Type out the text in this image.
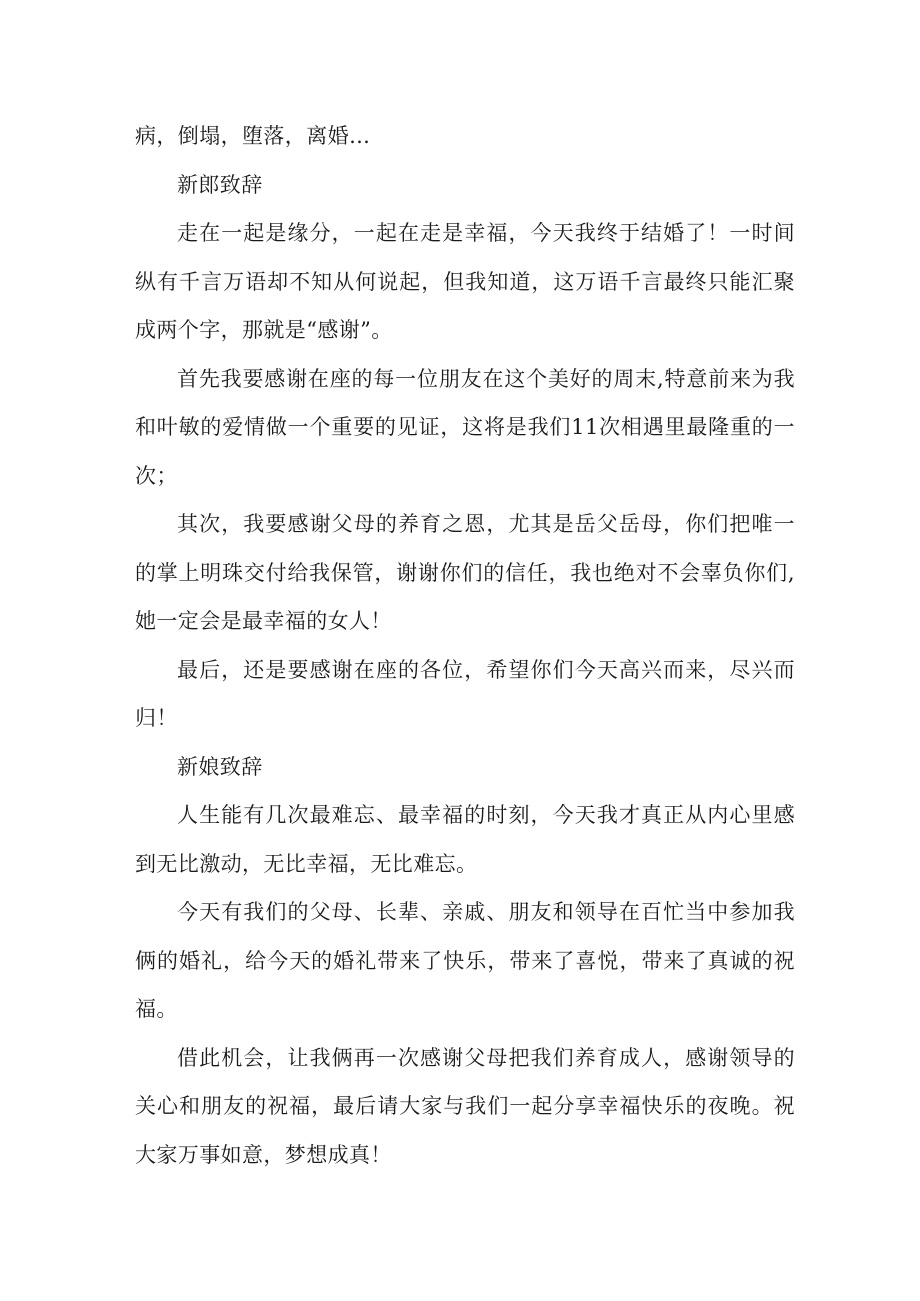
病，倒塌，堕落，离婚…

新郎致辞

走在一起是缘分，一起在走是幸福，今天我终于结婚了！一时间纵有千言万语却不知从何说起，但我知道，这万语千言最终只能汇聚成两个字，那就是“感谢”。

首先我要感谢在座的每一位朋友在这个美好的周末,特意前来为我和叶敏的爱情做一个重要的见证，这将是我们11次相遇里最隆重的一次；

其次，我要感谢父母的养育之恩，尤其是岳父岳母，你们把唯一的掌上明珠交付给我保管，谢谢你们的信任，我也绝对不会辜负你们,她一定会是最幸福的女人！

最后，还是要感谢在座的各位，希望你们今天高兴而来，尽兴而归！

新娘致辞

人生能有几次最难忘、最幸福的时刻，今天我才真正从内心里感到无比激动，无比幸福，无比难忘。

今天有我们的父母、长辈、亲戚、朋友和领导在百忙当中参加我俩的婚礼，给今天的婚礼带来了快乐，带来了喜悦，带来了真诚的祝福。

借此机会，让我俩再一次感谢父母把我们养育成人，感谢领导的关心和朋友的祝福，最后请大家与我们一起分享幸福快乐的夜晚。祝大家万事如意，梦想成真！
